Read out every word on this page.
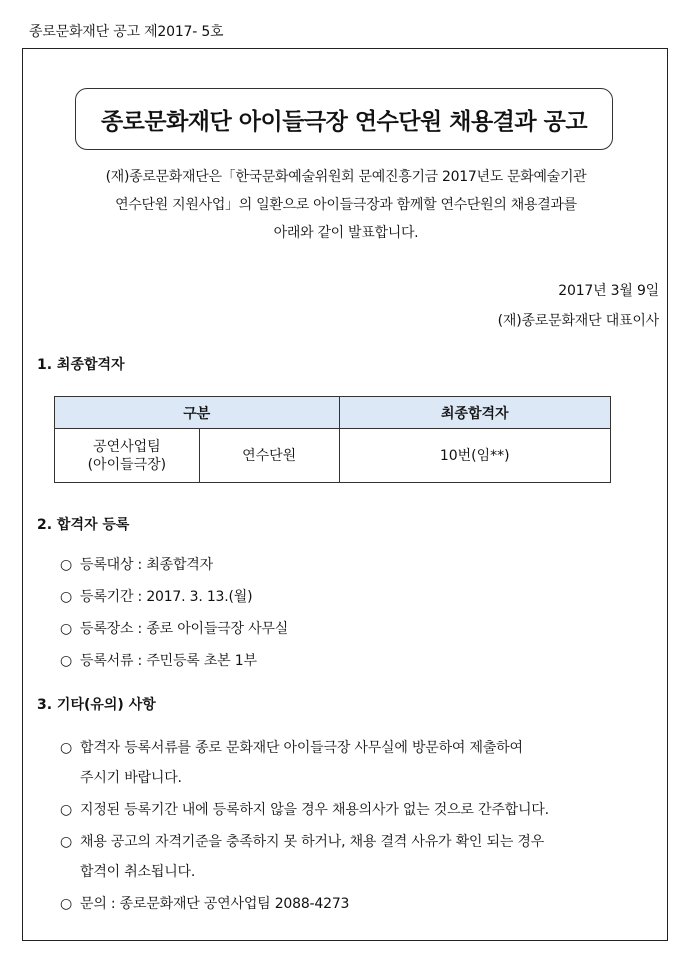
종로문화재단 공고 제2017- 5호
종로문화재단 아이들극장 연수단원 채용결과 공고
(재)종로문화재단은「한국문화예술위원회 문예진흥기금 2017년도 문화예술기관
연수단원 지원사업」의 일환으로 아이들극장과 함께할 연수단원의 채용결과를
아래와 같이 발표합니다.
2017년 3월 9일
(재)종로문화재단 대표이사
1. 최종합격자
구분		최종합격자

공연사업팀
(아이들극장)	연수단원	10번(임**)
2. 합격자 등록
○ 등록대상 : 최종합격자
○ 등록기간 : 2017. 3. 13.(월)
○ 등록장소 : 종로 아이들극장 사무실
○ 등록서류 : 주민등록 초본 1부
3. 기타(유의) 사항
○ 합격자 등록서류를 종로 문화재단 아이들극장 사무실에 방문하여 제출하여
주시기 바랍니다.
○ 지정된 등록기간 내에 등록하지 않을 경우 채용의사가 없는 것으로 간주합니다.
○ 채용 공고의 자격기준을 충족하지 못 하거나, 채용 결격 사유가 확인 되는 경우
합격이 취소됩니다.
○ 문의 : 종로문화재단 공연사업팀 2088-4273
